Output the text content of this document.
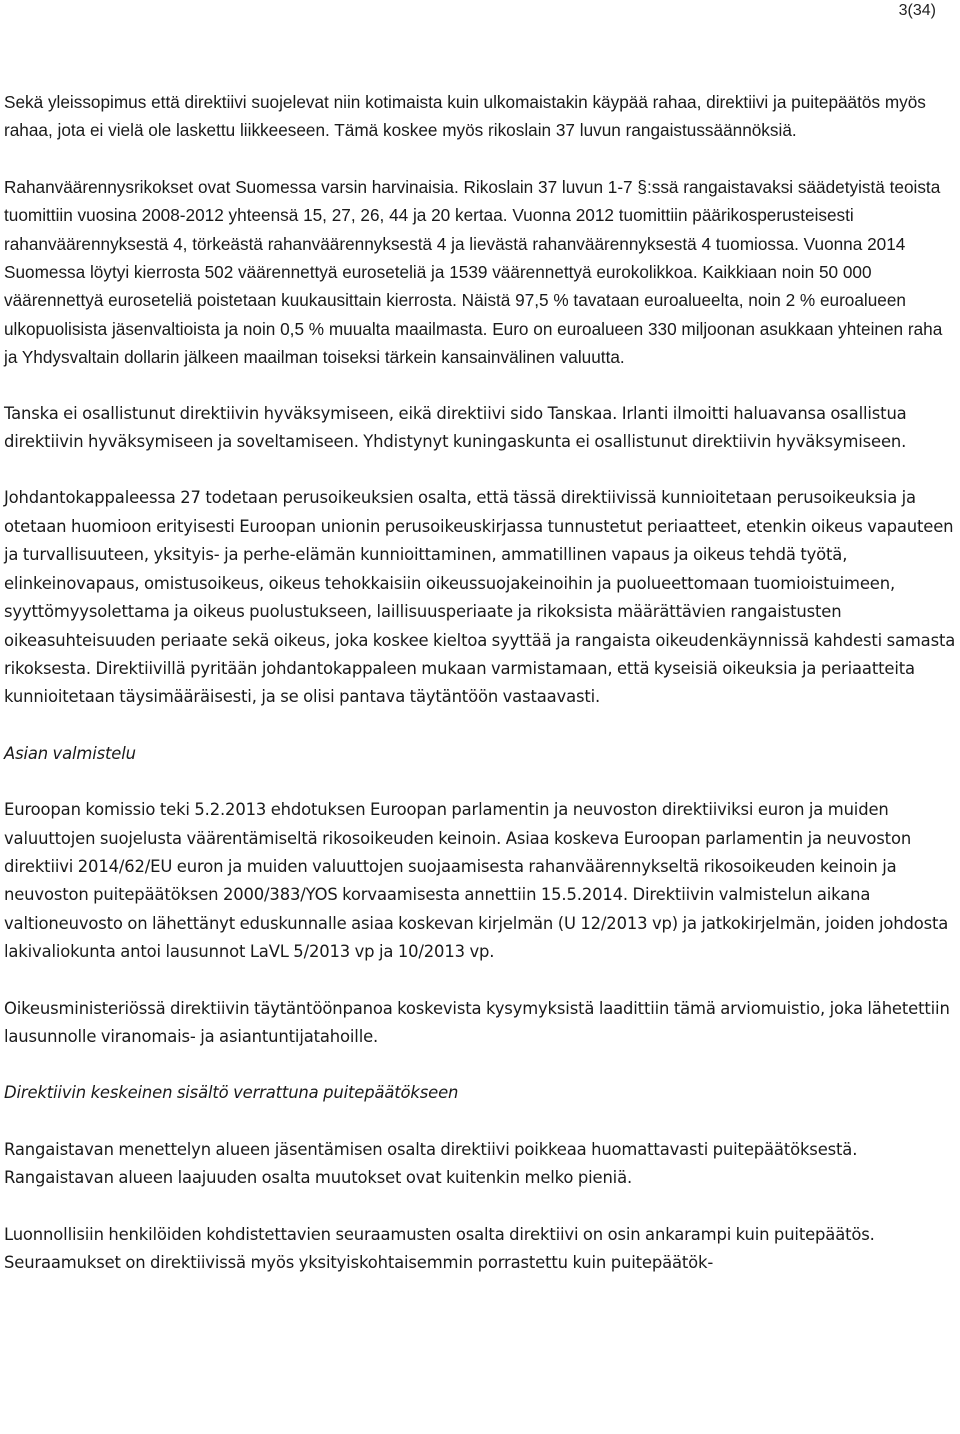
3(34)

Sekä yleissopimus että direktiivi suojelevat niin kotimaista kuin ulkomaistakin käypää rahaa, direktiivi ja puitepäätös myös rahaa, jota ei vielä ole laskettu liikkeeseen. Tämä koskee myös rikoslain 37 luvun rangaistussäännöksiä.

Rahanväärennysrikokset ovat Suomessa varsin harvinaisia. Rikoslain 37 luvun 1-7 §:ssä rangaistavaksi säädetyistä teoista tuomittiin vuosina 2008-2012 yhteensä 15, 27, 26, 44 ja 20 kertaa. Vuonna 2012 tuomittiin päärikosperusteisesti rahanväärennyksestä 4, törkeästä rahanväärennyksestä 4 ja lievästä rahanväärennyksestä 4 tuomiossa. Vuonna 2014 Suomessa löytyi kierrosta 502 väärennettyä euroseteliä ja 1539 väärennettyä eurokolikkoa. Kaikkiaan noin 50 000 väärennettyä euroseteliä poistetaan kuukausittain kierrosta. Näistä 97,5 % tavataan euroalueelta, noin 2 % euroalueen ulkopuolisista jäsenvaltioista ja noin 0,5 % muualta maailmasta. Euro on euroalueen 330 miljoonan asukkaan yhteinen raha ja Yhdysvaltain dollarin jälkeen maailman toiseksi tärkein kansainvälinen valuutta.

Tanska ei osallistunut direktiivin hyväksymiseen, eikä direktiivi sido Tanskaa. Irlanti ilmoitti haluavansa osallistua direktiivin hyväksymiseen ja soveltamiseen. Yhdistynyt kuningaskunta ei osallistunut direktiivin hyväksymiseen.

Johdantokappaleessa 27 todetaan perusoikeuksien osalta, että tässä direktiivissä kunnioitetaan perusoikeuksia ja otetaan huomioon erityisesti Euroopan unionin perusoikeuskirjassa tunnustetut periaatteet, etenkin oikeus vapauteen ja turvallisuuteen, yksityis- ja perhe-elämän kunnioittaminen, ammatillinen vapaus ja oikeus tehdä työtä, elinkeinovapaus, omistusoikeus, oikeus tehokkaisiin oikeussuojakeinoihin ja puolueettomaan tuomioistuimeen, syyttömyysolettama ja oikeus puolustukseen, laillisuusperiaate ja rikoksista määrättävien rangaistusten oikeasuhteisuuden periaate sekä oikeus, joka koskee kieltoa syyttää ja rangaista oikeudenkäynnissä kahdesti samasta rikoksesta. Direktiivillä pyritään johdantokappaleen mukaan varmistamaan, että kyseisiä oikeuksia ja periaatteita kunnioitetaan täysimääräisesti, ja se olisi pantava täytäntöön vastaavasti.

Asian valmistelu

Euroopan komissio teki 5.2.2013 ehdotuksen Euroopan parlamentin ja neuvoston direktiiviksi euron ja muiden valuuttojen suojelusta väärentämiseltä rikosoikeuden keinoin. Asiaa koskeva Euroopan parlamentin ja neuvoston direktiivi 2014/62/EU euron ja muiden valuuttojen suojaamisesta rahanväärennykseltä rikosoikeuden keinoin ja neuvoston puitepäätöksen 2000/383/YOS korvaamisesta annettiin 15.5.2014. Direktiivin valmistelun aikana valtioneuvosto on lähettänyt eduskunnalle asiaa koskevan kirjelmän (U 12/2013 vp) ja jatkokirjelmän, joiden johdosta lakivaliokunta antoi lausunnot LaVL 5/2013 vp ja 10/2013 vp.

Oikeusministeriössä direktiivin täytäntöönpanoa koskevista kysymyksistä laadittiin tämä arviomuistio, joka lähetettiin lausunnolle viranomais- ja asiantuntijatahoille.

Direktiivin keskeinen sisältö verrattuna puitepäätökseen

Rangaistavan menettelyn alueen jäsentämisen osalta direktiivi poikkeaa huomattavasti puitepäätöksestä. Rangaistavan alueen laajuuden osalta muutokset ovat kuitenkin melko pieniä.

Luonnollisiin henkilöiden kohdistettavien seuraamusten osalta direktiivi on osin ankarampi kuin puitepäätös. Seuraamukset on direktiivissä myös yksityiskohtaisemmin porrastettu kuin puitepäätök-
